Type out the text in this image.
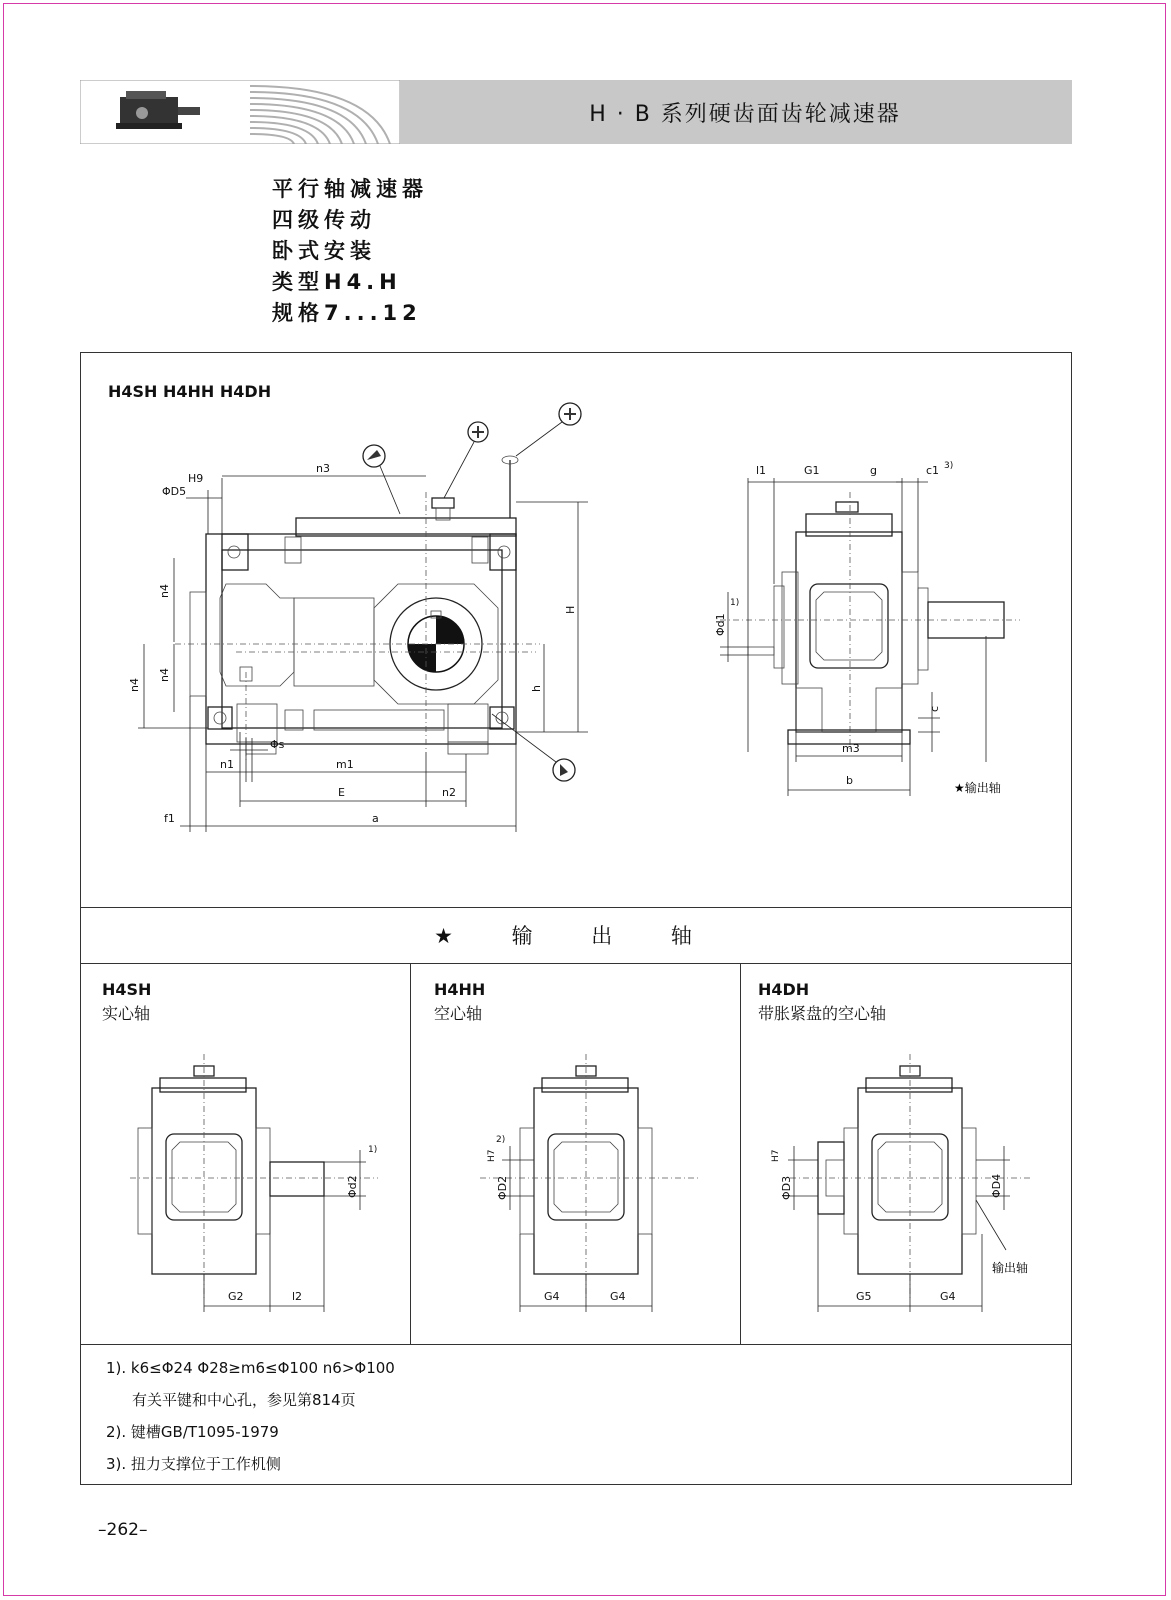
H · B 系列硬齿面齿轮减速器
平行轴减速器
四级传动
卧式安装
类型H4.H
规格7...12
H4SH H4HH H4DH
H9
ΦD5
n3
n4
n4
n4
H
h
Φs
n1	m1
E	n2
f1	a
l1	G1	g	c1 3)
Φd1
1)
c
m3
b
★输出轴
★ 输 出 轴
H4SH
实心轴
H4HH
空心轴
H4DH
带胀紧盘的空心轴
Φd2
1)
G2	l2
ΦD2
H7
2)
G4	G4
ΦD3
H7
ΦD4
输出轴
G5	G4
1). k6≤Φ24 Φ28≥m6≤Φ100 n6>Φ100
有关平键和中心孔，参见第814页
2). 键槽GB/T1095-1979
3). 扭力支撑位于工作机侧
–262–
